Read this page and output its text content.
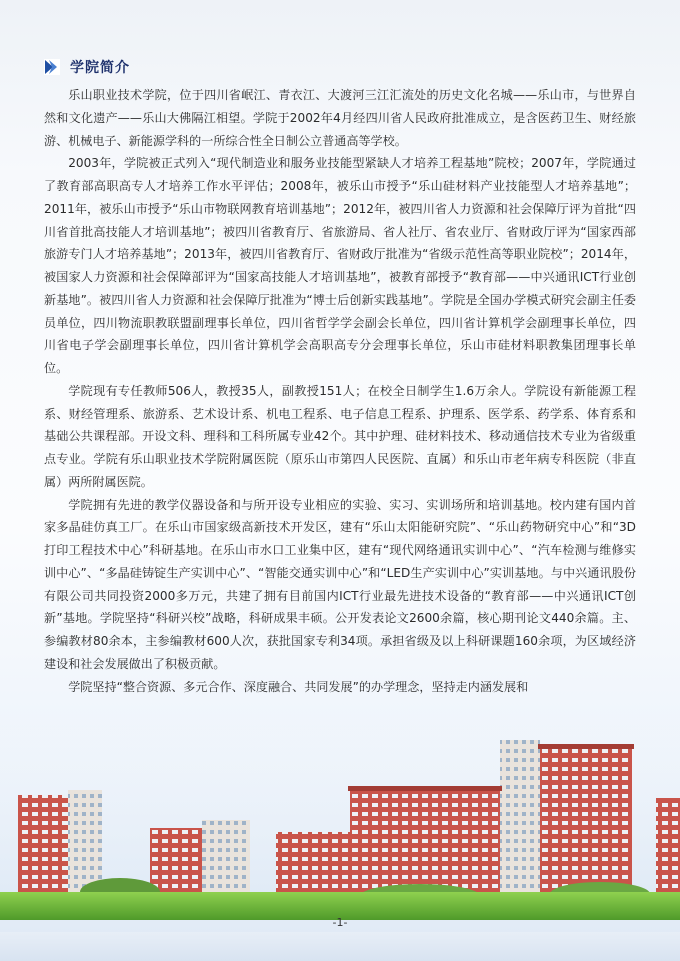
学院简介

乐山职业技术学院，位于四川省岷江、青衣江、大渡河三江汇流处的历史文化名城——乐山市，与世界自然和文化遗产——乐山大佛隔江相望。学院于2002年4月经四川省人民政府批准成立，是含医药卫生、财经旅游、机械电子、新能源学科的一所综合性全日制公立普通高等学校。

2003年，学院被正式列入“现代制造业和服务业技能型紧缺人才培养工程基地”院校；2007年，学院通过了教育部高职高专人才培养工作水平评估；2008年，被乐山市授予“乐山硅材料产业技能型人才培养基地”；2011年，被乐山市授予“乐山市物联网教育培训基地”；2012年，被四川省人力资源和社会保障厅评为首批“四川省首批高技能人才培训基地”；被四川省教育厅、省旅游局、省人社厅、省农业厅、省财政厅评为“国家西部旅游专门人才培养基地”；2013年，被四川省教育厅、省财政厅批准为“省级示范性高等职业院校”；2014年，被国家人力资源和社会保障部评为“国家高技能人才培训基地”，被教育部授予“教育部——中兴通讯ICT行业创新基地”。被四川省人力资源和社会保障厅批准为“博士后创新实践基地”。学院是全国办学模式研究会副主任委员单位，四川物流职教联盟副理事长单位，四川省哲学学会副会长单位，四川省计算机学会副理事长单位，四川省电子学会副理事长单位，四川省计算机学会高职高专分会理事长单位，乐山市硅材料职教集团理事长单位。

学院现有专任教师506人，教授35人，副教授151人；在校全日制学生1.6万余人。学院设有新能源工程系、财经管理系、旅游系、艺术设计系、机电工程系、电子信息工程系、护理系、医学系、药学系、体育系和基础公共课程部。开设文科、理科和工科所属专业42个。其中护理、硅材料技术、移动通信技术专业为省级重点专业。学院有乐山职业技术学院附属医院（原乐山市第四人民医院、直属）和乐山市老年病专科医院（非直属）两所附属医院。

学院拥有先进的教学仪器设备和与所开设专业相应的实验、实习、实训场所和培训基地。校内建有国内首家多晶硅仿真工厂。在乐山市国家级高新技术开发区，建有“乐山太阳能研究院”、“乐山药物研究中心”和“3D打印工程技术中心”科研基地。在乐山市水口工业集中区，建有“现代网络通讯实训中心”、“汽车检测与维修实训中心”、“多晶硅铸锭生产实训中心”、“智能交通实训中心”和“LED生产实训中心”实训基地。与中兴通讯股份有限公司共同投资2000多万元，共建了拥有目前国内ICT行业最先进技术设备的“教育部——中兴通讯ICT创新”基地。学院坚持“科研兴校”战略，科研成果丰硕。公开发表论文2600余篇，核心期刊论文440余篇。主、参编教材80余本，主参编教材600人次，获批国家专利34项。承担省级及以上科研课题160余项，为区域经济建设和社会发展做出了积极贡献。

学院坚持“整合资源、多元合作、深度融合、共同发展”的办学理念，坚持走内涵发展和

-1-
